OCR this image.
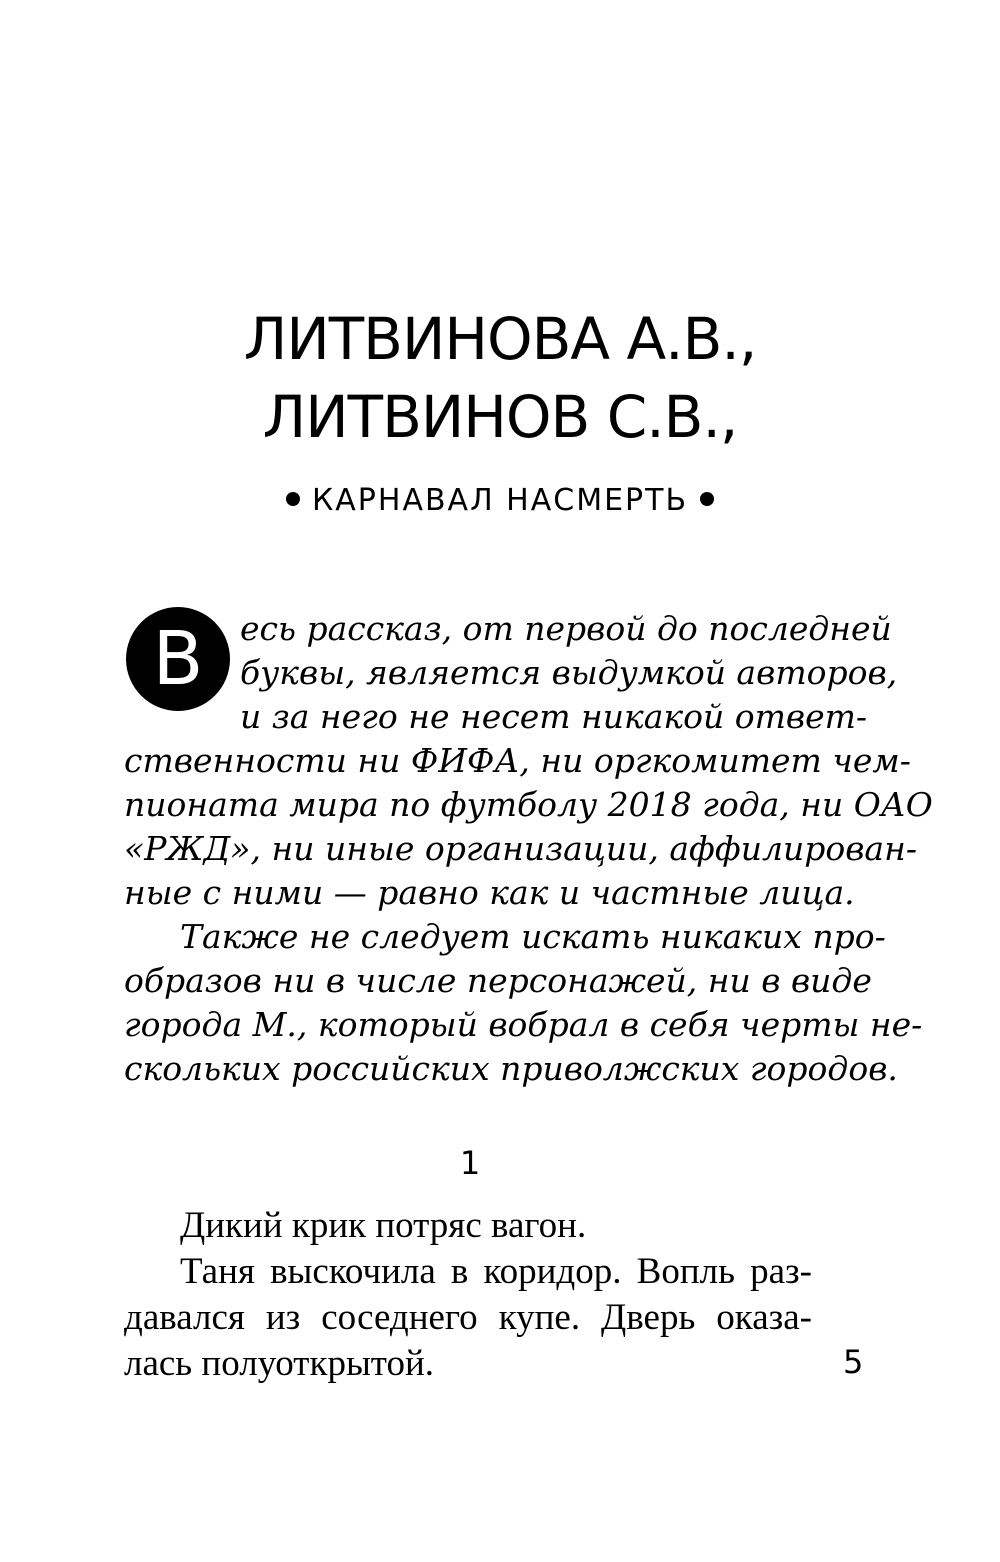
ЛИТВИНОВА А.В.,
ЛИТВИНОВ С.В.,
КАРНАВАЛ НАСМЕРТЬ
В	есь рассказ, от первой до последней
буквы, является выдумкой авторов,
и за него не несет никакой ответ-
ственности ни ФИФА, ни оргкомитет чем-
пионата мира по футболу 2018 года, ни ОАО
«РЖД», ни иные организации, аффилирован-
ные с ними — равно как и частные лица.
Также не следует искать никаких про-
образов ни в числе персонажей, ни в виде
города М., который вобрал в себя черты не-
скольких российских приволжских городов.
1
Дикий крик потряс вагон.
Таня выскочила в коридор. Вопль раз-
давался из соседнего купе. Дверь оказа-
лась полуоткрытой.	5
